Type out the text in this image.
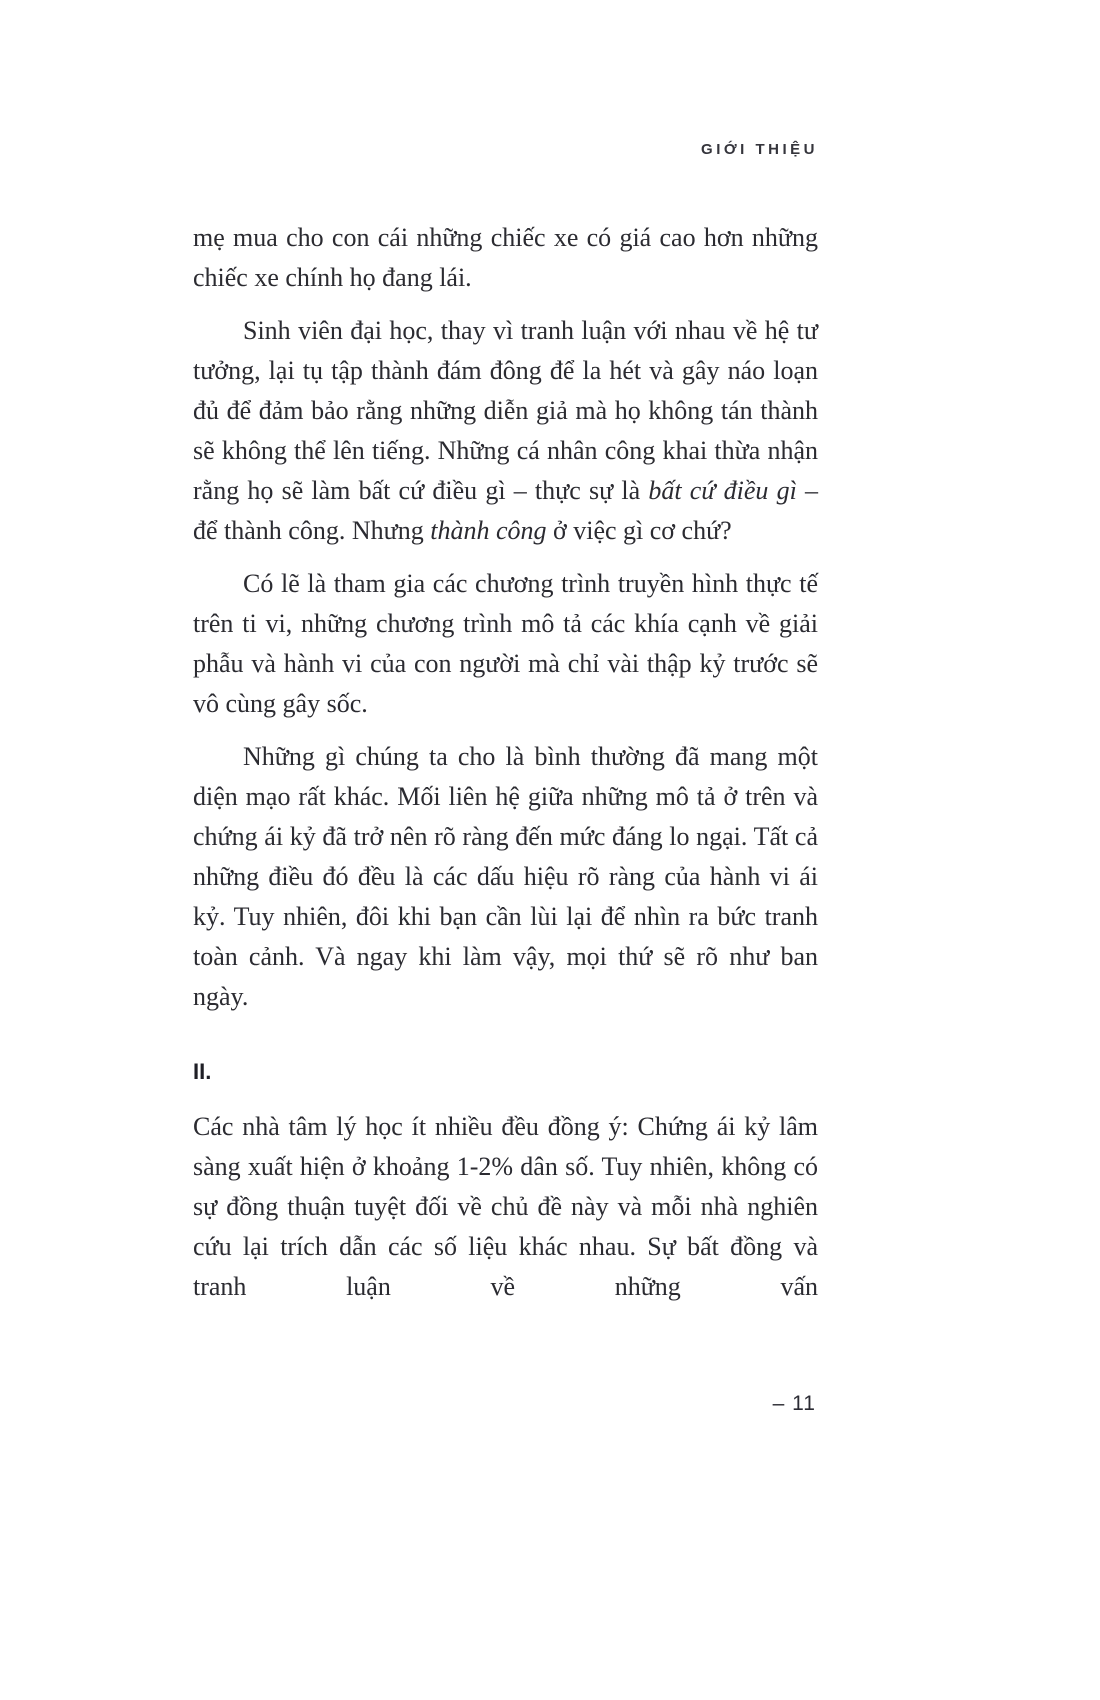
GIỚI THIỆU

mẹ mua cho con cái những chiếc xe có giá cao hơn những chiếc xe chính họ đang lái.

Sinh viên đại học, thay vì tranh luận với nhau về hệ tư tưởng, lại tụ tập thành đám đông để la hét và gây náo loạn đủ để đảm bảo rằng những diễn giả mà họ không tán thành sẽ không thể lên tiếng. Những cá nhân công khai thừa nhận rằng họ sẽ làm bất cứ điều gì – thực sự là bất cứ điều gì – để thành công. Nhưng thành công ở việc gì cơ chứ?

Có lẽ là tham gia các chương trình truyền hình thực tế trên ti vi, những chương trình mô tả các khía cạnh về giải phẫu và hành vi của con người mà chỉ vài thập kỷ trước sẽ vô cùng gây sốc.

Những gì chúng ta cho là bình thường đã mang một diện mạo rất khác. Mối liên hệ giữa những mô tả ở trên và chứng ái kỷ đã trở nên rõ ràng đến mức đáng lo ngại. Tất cả những điều đó đều là các dấu hiệu rõ ràng của hành vi ái kỷ. Tuy nhiên, đôi khi bạn cần lùi lại để nhìn ra bức tranh toàn cảnh. Và ngay khi làm vậy, mọi thứ sẽ rõ như ban ngày.

II.

Các nhà tâm lý học ít nhiều đều đồng ý: Chứng ái kỷ lâm sàng xuất hiện ở khoảng 1-2% dân số. Tuy nhiên, không có sự đồng thuận tuyệt đối về chủ đề này và mỗi nhà nghiên cứu lại trích dẫn các số liệu khác nhau. Sự bất đồng và tranh luận về những vấn

– 11
